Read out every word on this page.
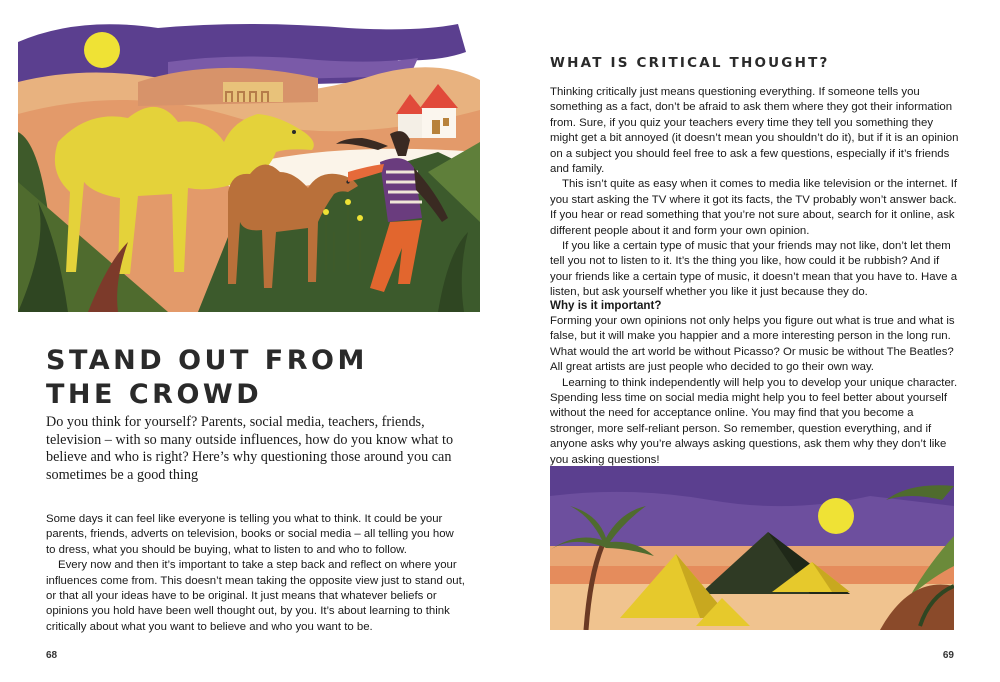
STAND OUT FROM
THE CROWD

Do you think for yourself? Parents, social media, teachers, friends, television – with so many outside influences, how do you know what to believe and who is right? Here’s why questioning those around you can sometimes be a good thing

Some days it can feel like everyone is telling you what to think. It could be your parents, friends, adverts on television, books or social media – all telling you how to dress, what you should be buying, what to listen to and who to follow.

Every now and then it’s important to take a step back and reflect on where your influences come from. This doesn’t mean taking the opposite view just to stand out, or that all your ideas have to be original. It just means that whatever beliefs or opinions you hold have been well thought out, by you. It’s about learning to think critically about what you want to believe and who you want to be.

68
WHAT IS CRITICAL THOUGHT?

Thinking critically just means questioning everything. If someone tells you something as a fact, don’t be afraid to ask them where they got their information from. Sure, if you quiz your teachers every time they tell you something they might get a bit annoyed (it doesn’t mean you shouldn’t do it), but if it is an opinion on a subject you should feel free to ask a few questions, especially if it’s friends and family.

This isn’t quite as easy when it comes to media like television or the internet. If you start asking the TV where it got its facts, the TV probably won’t answer back. If you hear or read something that you’re not sure about, search for it online, ask different people about it and form your own opinion.

If you like a certain type of music that your friends may not like, don’t let them tell you not to listen to it. It’s the thing you like, how could it be rubbish? And if your friends like a certain type of music, it doesn’t mean that you have to. Have a listen, but ask yourself whether you like it just because they do.

Why is it important?

Forming your own opinions not only helps you figure out what is true and what is false, but it will make you happier and a more interesting person in the long run. What would the art world be without Picasso? Or music be without The Beatles? All great artists are just people who decided to go their own way.

Learning to think independently will help you to develop your unique character. Spending less time on social media might help you to feel better about yourself without the need for acceptance online. You may find that you become a stronger, more self-reliant person. So remember, question everything, and if anyone asks why you’re always asking questions, ask them why they don’t like you asking questions!

69
